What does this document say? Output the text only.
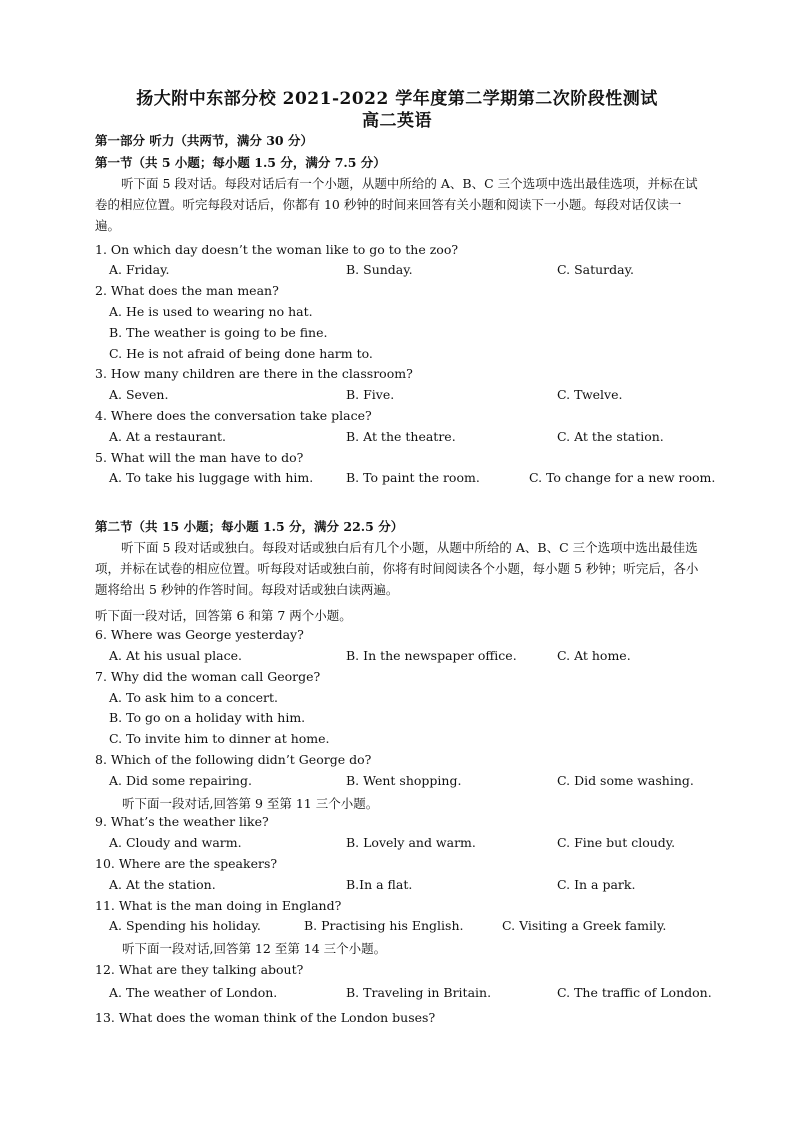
扬大附中东部分校 2021-2022 学年度第二学期第二次阶段性测试
高二英语
第一部分 听力（共两节，满分 30 分）
第一节（共 5 小题；每小题 1.5 分，满分 7.5 分）
听下面 5 段对话。每段对话后有一个小题，从题中所给的 A、B、C 三个选项中选出最佳选项，并标在试卷的相应位置。听完每段对话后，你都有 10 秒钟的时间来回答有关小题和阅读下一小题。每段对话仅读一遍。
1. On which day doesn’t the woman like to go to the zoo?
A. Friday.	B. Sunday.	C. Saturday.
2. What does the man mean?
A. He is used to wearing no hat.
B. The weather is going to be fine.
C. He is not afraid of being done harm to.
3. How many children are there in the classroom?
A. Seven.	B. Five.	C. Twelve.
4. Where does the conversation take place?
A. At a restaurant.	B. At the theatre.	C. At the station.
5. What will the man have to do?
A. To take his luggage with him.	B. To paint the room.	C. To change for a new room.
第二节（共 15 小题；每小题 1.5 分，满分 22.5 分）
听下面 5 段对话或独白。每段对话或独白后有几个小题，从题中所给的 A、B、C 三个选项中选出最佳选项，并标在试卷的相应位置。听每段对话或独白前，你将有时间阅读各个小题，每小题 5 秒钟；听完后，各小题将给出 5 秒钟的作答时间。每段对话或独白读两遍。
听下面一段对话，回答第 6 和第 7 两个小题。
6. Where was George yesterday?
A. At his usual place.	B. In the newspaper office.	C. At home.
7. Why did the woman call George?
A. To ask him to a concert.
B. To go on a holiday with him.
C. To invite him to dinner at home.
8. Which of the following didn’t George do?
A. Did some repairing.	B. Went shopping.	C. Did some washing.
听下面一段对话,回答第 9 至第 11 三个小题。
9. What’s the weather like?
A. Cloudy and warm.	B. Lovely and warm.	C. Fine but cloudy.
10. Where are the speakers?
A. At the station.	B.In a flat.	C. In a park.
11. What is the man doing in England?
A. Spending his holiday.	B. Practising his English.	C. Visiting a Greek family.
听下面一段对话,回答第 12 至第 14 三个小题。
12. What are they talking about?
A. The weather of London.	B. Traveling in Britain.	C. The traffic of London.
13. What does the woman think of the London buses?
